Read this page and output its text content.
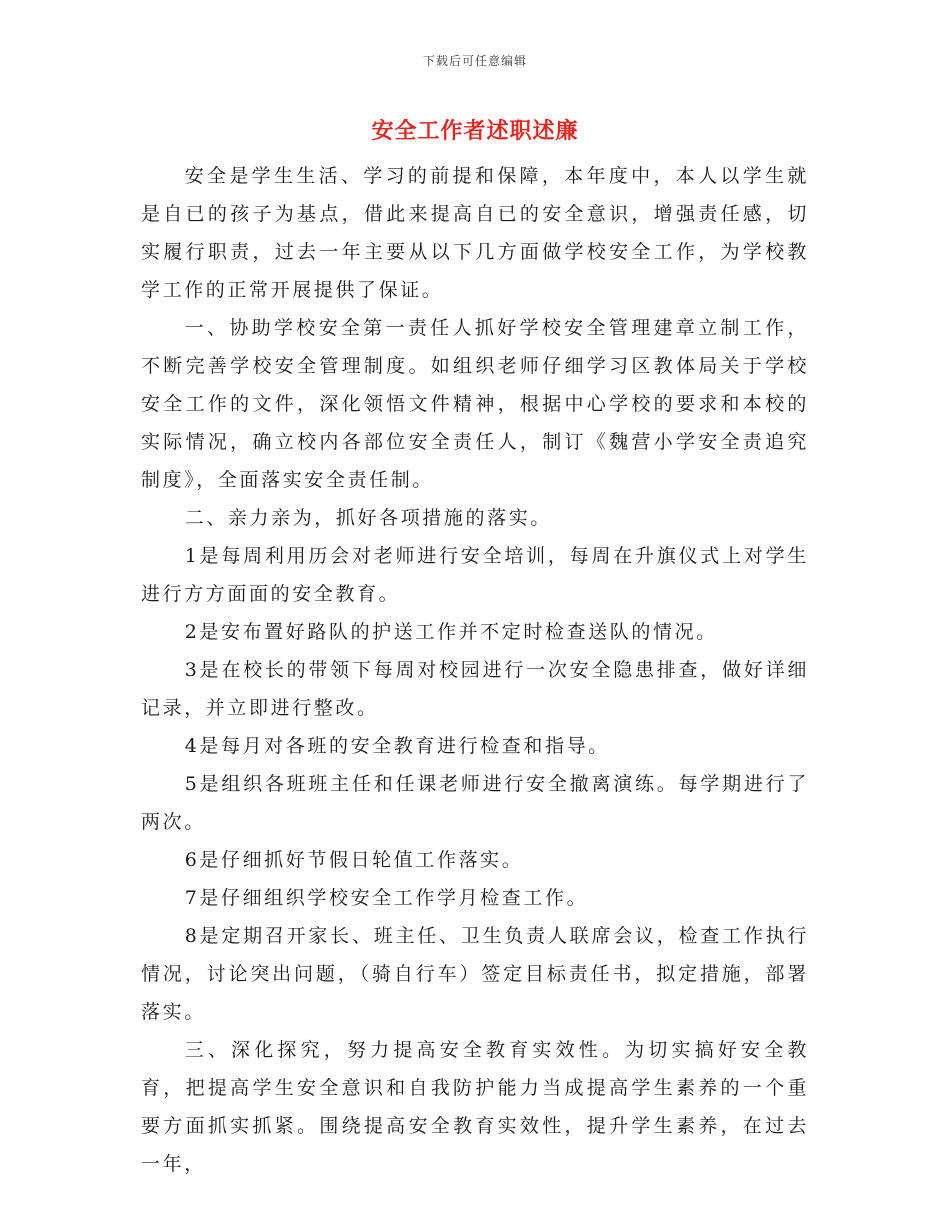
下载后可任意编辑
安全工作者述职述廉

安全是学生生活、学习的前提和保障，本年度中，本人以学生就是自已的孩子为基点，借此来提高自已的安全意识，增强责任感，切实履行职责，过去一年主要从以下几方面做学校安全工作，为学校教学工作的正常开展提供了保证。

一、协助学校安全第一责任人抓好学校安全管理建章立制工作，不断完善学校安全管理制度。如组织老师仔细学习区教体局关于学校安全工作的文件，深化领悟文件精神，根据中心学校的要求和本校的实际情况，确立校内各部位安全责任人，制订《魏营小学安全责追究制度》，全面落实安全责任制。

二、亲力亲为，抓好各项措施的落实。

1是每周利用历会对老师进行安全培训，每周在升旗仪式上对学生进行方方面面的安全教育。

2是安布置好路队的护送工作并不定时检查送队的情况。

3是在校长的带领下每周对校园进行一次安全隐患排查，做好详细记录，并立即进行整改。

4是每月对各班的安全教育进行检查和指导。

5是组织各班班主任和任课老师进行安全撤离演练。每学期进行了两次。

6是仔细抓好节假日轮值工作落实。

7是仔细组织学校安全工作学月检查工作。

8是定期召开家长、班主任、卫生负责人联席会议，检查工作执行情况，讨论突出问题，（骑自行车）签定目标责任书，拟定措施，部署落实。

三、深化探究，努力提高安全教育实效性。为切实搞好安全教育，把提高学生安全意识和自我防护能力当成提高学生素养的一个重要方面抓实抓紧。围绕提高安全教育实效性，提升学生素养，在过去一年，
